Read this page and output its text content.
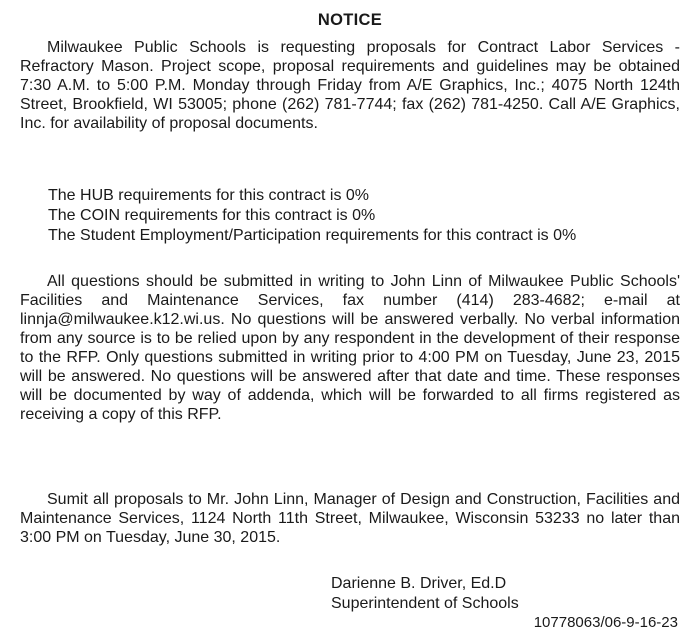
NOTICE
Milwaukee Public Schools is requesting proposals for Contract Labor Services - Refractory Mason. Project scope, proposal requirements and guidelines may be obtained 7:30 A.M. to 5:00 P.M. Monday through Friday from A/E Graphics, Inc.; 4075 North 124th Street, Brookfield, WI 53005; phone (262) 781-7744; fax (262) 781-4250. Call A/E Graphics, Inc. for availability of proposal documents.
The HUB requirements for this contract is 0%
The COIN requirements for this contract is 0%
The Student Employment/Participation requirements for this contract is 0%
All questions should be submitted in writing to John Linn of Milwaukee Public Schools' Facilities and Maintenance Services, fax number (414) 283-4682; e-mail at linnja@milwaukee.k12.wi.us. No questions will be answered verbally. No verbal information from any source is to be relied upon by any respondent in the development of their response to the RFP. Only questions submitted in writing prior to 4:00 PM on Tuesday, June 23, 2015 will be answered. No questions will be answered after that date and time. These responses will be documented by way of addenda, which will be forwarded to all firms registered as receiving a copy of this RFP.
Sumit all proposals to Mr. John Linn, Manager of Design and Construction, Facilities and Maintenance Services, 1124 North 11th Street, Milwaukee, Wisconsin 53233 no later than 3:00 PM on Tuesday, June 30, 2015.
Darienne B. Driver, Ed.D
Superintendent of Schools
10778063/06-9-16-23
